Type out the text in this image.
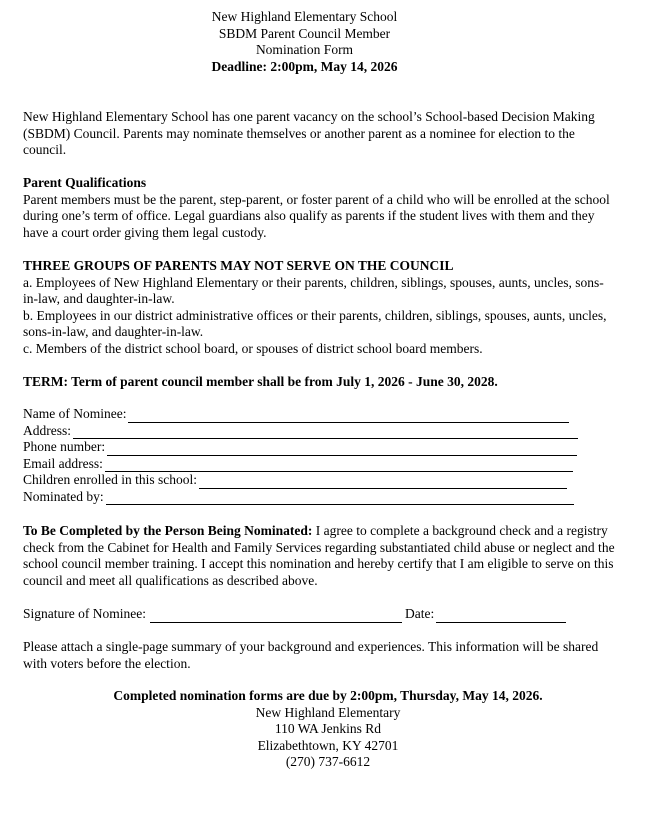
New Highland Elementary School
SBDM Parent Council Member
Nomination Form
Deadline: 2:00pm, May 14, 2026
New Highland Elementary School has one parent vacancy on the school’s School-based Decision Making (SBDM) Council. Parents may nominate themselves or another parent as a nominee for election to the council.
Parent Qualifications
Parent members must be the parent, step-parent, or foster parent of a child who will be enrolled at the school during one’s term of office. Legal guardians also qualify as parents if the student lives with them and they have a court order giving them legal custody.
THREE GROUPS OF PARENTS MAY NOT SERVE ON THE COUNCIL
a. Employees of New Highland Elementary or their parents, children, siblings, spouses, aunts, uncles, sons-in-law, and daughter-in-law.
b. Employees in our district administrative offices or their parents, children, siblings, spouses, aunts, uncles, sons-in-law, and daughter-in-law.
c. Members of the district school board, or spouses of district school board members.
TERM: Term of parent council member shall be from July 1, 2026 - June 30, 2028.
Name of Nominee:
Address:
Phone number:
Email address:
Children enrolled in this school:
Nominated by:
To Be Completed by the Person Being Nominated: I agree to complete a background check and a registry check from the Cabinet for Health and Family Services regarding substantiated child abuse or neglect and the school council member training. I accept this nomination and hereby certify that I am eligible to serve on this council and meet all qualifications as described above.
Signature of Nominee:	Date:
Please attach a single-page summary of your background and experiences. This information will be shared with voters before the election.
Completed nomination forms are due by 2:00pm, Thursday, May 14, 2026.
New Highland Elementary
110 WA Jenkins Rd
Elizabethtown, KY 42701
(270) 737-6612
